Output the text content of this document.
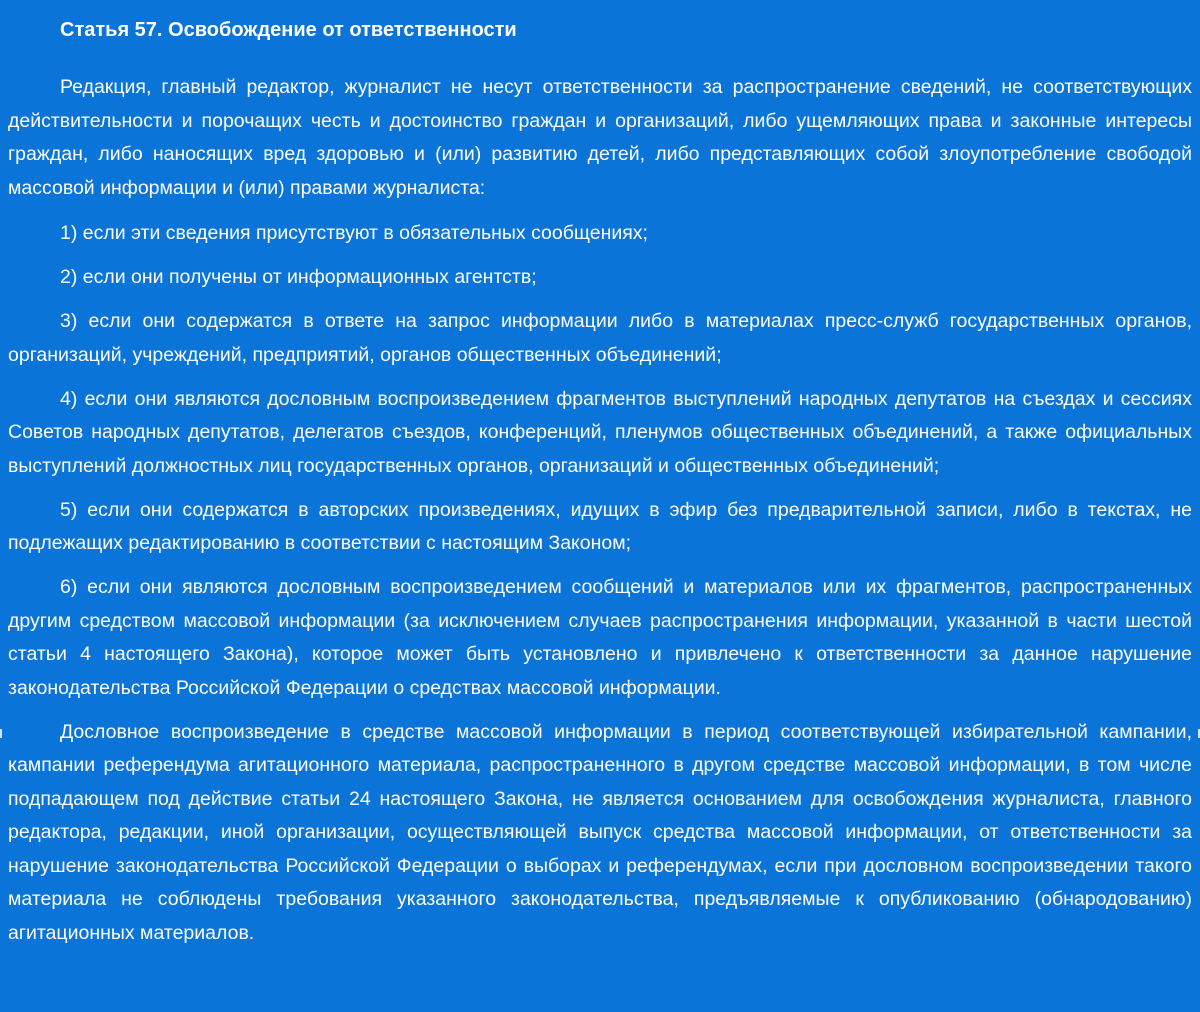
Статья 57. Освобождение от ответственности

Редакция, главный редактор, журналист не несут ответственности за распространение сведений, не соответствующих действительности и порочащих честь и достоинство граждан и организаций, либо ущемляющих права и законные интересы граждан, либо наносящих вред здоровью и (или) развитию детей, либо представляющих собой злоупотребление свободой массовой информации и (или) правами журналиста:

1) если эти сведения присутствуют в обязательных сообщениях;

2) если они получены от информационных агентств;

3) если они содержатся в ответе на запрос информации либо в материалах пресс-служб государственных органов, организаций, учреждений, предприятий, органов общественных объединений;

4) если они являются дословным воспроизведением фрагментов выступлений народных депутатов на съездах и сессиях Советов народных депутатов, делегатов съездов, конференций, пленумов общественных объединений, а также официальных выступлений должностных лиц государственных органов, организаций и общественных объединений;

5) если они содержатся в авторских произведениях, идущих в эфир без предварительной записи, либо в текстах, не подлежащих редактированию в соответствии с настоящим Законом;

6) если они являются дословным воспроизведением сообщений и материалов или их фрагментов, распространенных другим средством массовой информации (за исключением случаев распространения информации, указанной в части шестой статьи 4 настоящего Закона), которое может быть установлено и привлечено к ответственности за данное нарушение законодательства Российской Федерации о средствах массовой информации.

Дословное воспроизведение в средстве массовой информации в период соответствующей избирательной кампании, кампании референдума агитационного материала, распространенного в другом средстве массовой информации, в том числе подпадающем под действие статьи 24 настоящего Закона, не является основанием для освобождения журналиста, главного редактора, редакции, иной организации, осуществляющей выпуск средства массовой информации, от ответственности за нарушение законодательства Российской Федерации о выборах и референдумах, если при дословном воспроизведении такого материала не соблюдены требования указанного законодательства, предъявляемые к опубликованию (обнародованию) агитационных материалов.
